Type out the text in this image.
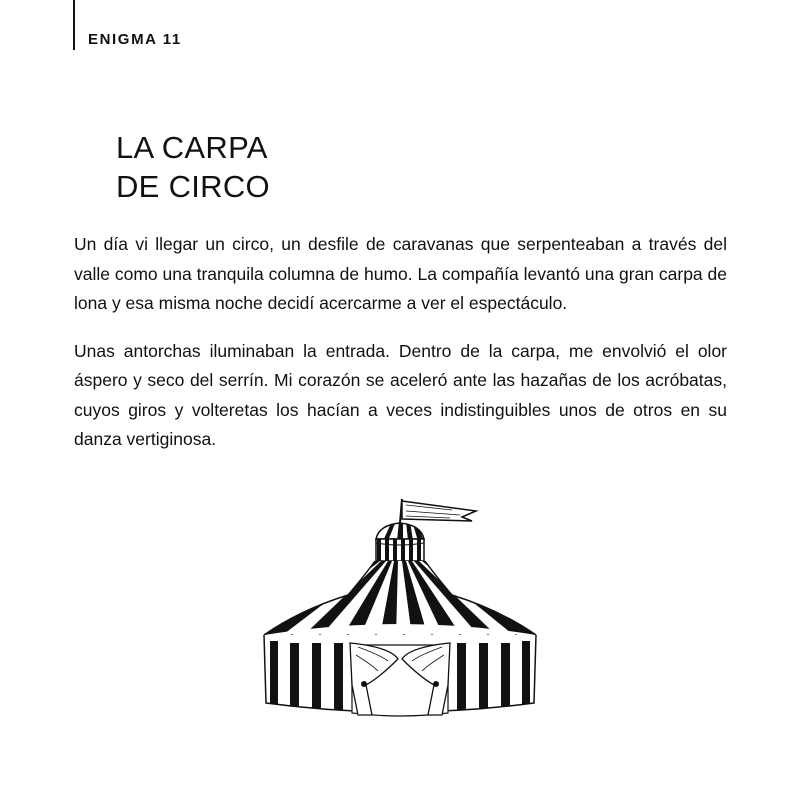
ENIGMA 11
LA CARPA
DE CIRCO

Un día vi llegar un circo, un desfile de caravanas que serpenteaban a través del valle como una tranquila columna de humo. La compañía levantó una gran carpa de lona y esa misma noche decidí acercarme a ver el espectáculo.

Unas antorchas iluminaban la entrada. Dentro de la carpa, me envolvió el olor áspero y seco del serrín. Mi corazón se aceleró ante las hazañas de los acróbatas, cuyos giros y volteretas los hacían a veces indistinguibles unos de otros en su danza vertiginosa.
